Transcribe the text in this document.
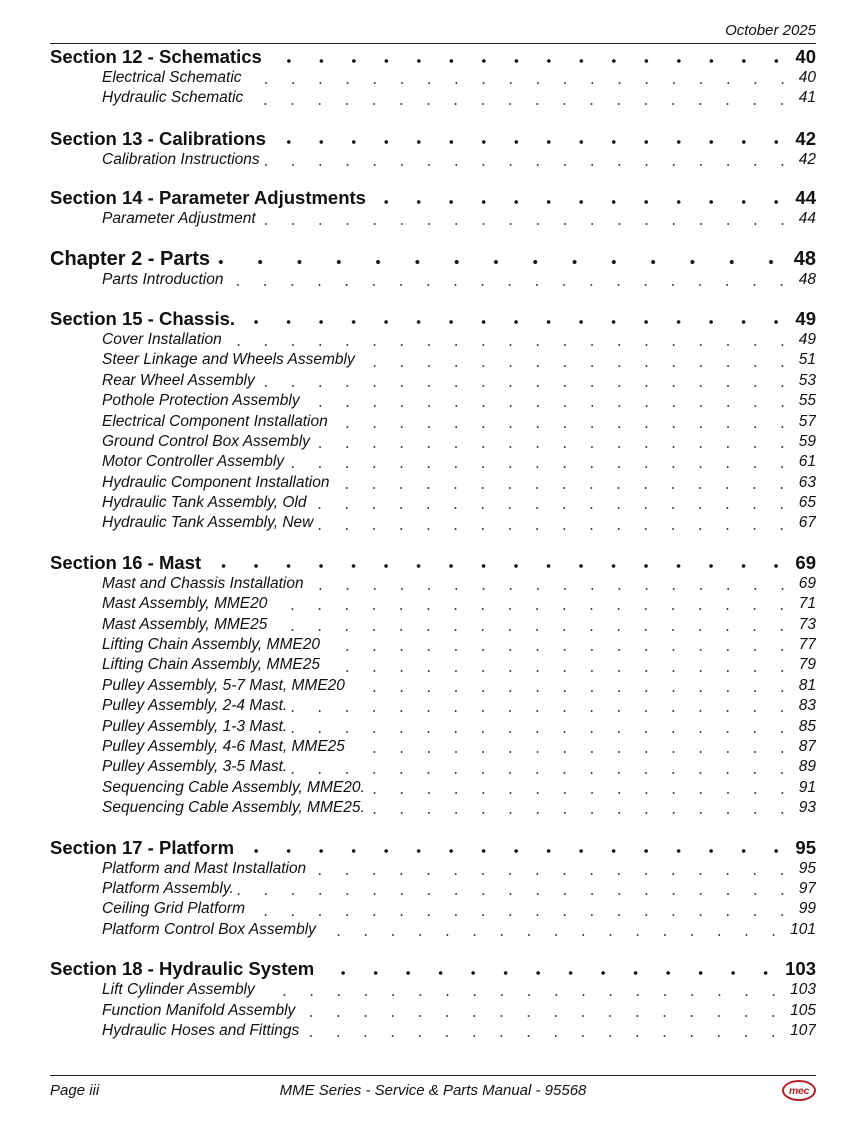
October 2025
Section 12 - Schematics	40
Electrical Schematic	40
Hydraulic Schematic	41
Section 13 - Calibrations	42
Calibration Instructions	42
Section 14 - Parameter Adjustments	44
Parameter Adjustment	44
Chapter 2 - Parts	48
Parts Introduction	48
Section 15 - Chassis.	49
Cover Installation	49
Steer Linkage and Wheels Assembly	51
Rear Wheel Assembly	53
Pothole Protection Assembly	55
Electrical Component Installation	57
Ground Control Box Assembly	59
Motor Controller Assembly	61
Hydraulic Component Installation	63
Hydraulic Tank Assembly, Old	65
Hydraulic Tank Assembly, New	67
Section 16 - Mast	69
Mast and Chassis Installation	69
Mast Assembly, MME20	71
Mast Assembly, MME25	73
Lifting Chain Assembly, MME20	77
Lifting Chain Assembly, MME25	79
Pulley Assembly, 5-7 Mast, MME20	81
Pulley Assembly, 2-4 Mast.	83
Pulley Assembly, 1-3 Mast.	85
Pulley Assembly, 4-6 Mast, MME25	87
Pulley Assembly, 3-5 Mast.	89
Sequencing Cable Assembly, MME20.	91
Sequencing Cable Assembly, MME25.	93
Section 17 - Platform	95
Platform and Mast Installation	95
Platform Assembly.	97
Ceiling Grid Platform	99
Platform Control Box Assembly	101
Section 18 - Hydraulic System	103
Lift Cylinder Assembly	103
Function Manifold Assembly	105
Hydraulic Hoses and Fittings	107
Page iii	MME Series - Service & Parts Manual - 95568	mec
